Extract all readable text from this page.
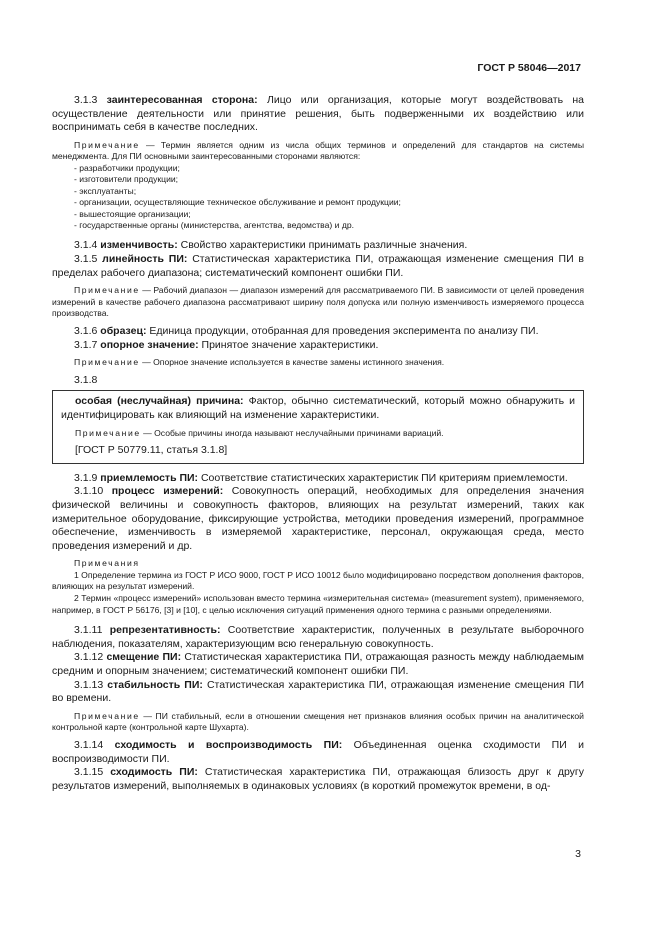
ГОСТ Р 58046—2017

3.1.3 заинтересованная сторона: Лицо или организация, которые могут воздействовать на осуществление деятельности или принятие решения, быть подверженными их воздействию или воспринимать себя в качестве последних.

Примечание — Термин является одним из числа общих терминов и определений для стандартов на системы менеджмента. Для ПИ основными заинтересованными сторонами являются:

- разработчики продукции;
- изготовители продукции;
- эксплуатанты;
- организации, осуществляющие техническое обслуживание и ремонт продукции;
- вышестоящие организации;
- государственные органы (министерства, агентства, ведомства) и др.

3.1.4 изменчивость: Свойство характеристики принимать различные значения.

3.1.5 линейность ПИ: Статистическая характеристика ПИ, отражающая изменение смещения ПИ в пределах рабочего диапазона; систематический компонент ошибки ПИ.

Примечание — Рабочий диапазон — диапазон измерений для рассматриваемого ПИ. В зависимости от целей проведения измерений в качестве рабочего диапазона рассматривают ширину поля допуска или полную изменчивость измеряемого процесса производства.

3.1.6 образец: Единица продукции, отобранная для проведения эксперимента по анализу ПИ.

3.1.7 опорное значение: Принятое значение характеристики.

Примечание — Опорное значение используется в качестве замены истинного значения.

3.1.8

особая (неслучайная) причина: Фактор, обычно систематический, который можно обнаружить и идентифицировать как влияющий на изменение характеристики.

Примечание — Особые причины иногда называют неслучайными причинами вариаций.

[ГОСТ Р 50779.11, статья 3.1.8]

3.1.9 приемлемость ПИ: Соответствие статистических характеристик ПИ критериям приемлемости.

3.1.10 процесс измерений: Совокупность операций, необходимых для определения значения физической величины и совокупность факторов, влияющих на результат измерений, таких как измерительное оборудование, фиксирующие устройства, методики проведения измерений, программное обеспечение, изменчивость в измеряемой характеристике, персонал, окружающая среда, место проведения измерений и др.

Примечания

1 Определение термина из ГОСТ Р ИСО 9000, ГОСТ Р ИСО 10012 было модифицировано посредством дополнения факторов, влияющих на результат измерений.

2 Термин «процесс измерений» использован вместо термина «измерительная система» (measurement system), применяемого, например, в ГОСТ Р 56176, [3] и [10], с целью исключения ситуаций применения одного термина с разными определениями.

3.1.11 репрезентативность: Соответствие характеристик, полученных в результате выборочного наблюдения, показателям, характеризующим всю генеральную совокупность.

3.1.12 смещение ПИ: Статистическая характеристика ПИ, отражающая разность между наблюдаемым средним и опорным значением; систематический компонент ошибки ПИ.

3.1.13 стабильность ПИ: Статистическая характеристика ПИ, отражающая изменение смещения ПИ во времени.

Примечание — ПИ стабильный, если в отношении смещения нет признаков влияния особых причин на аналитической контрольной карте (контрольной карте Шухарта).

3.1.14 сходимость и воспроизводимость ПИ: Объединенная оценка сходимости ПИ и воспроизводимости ПИ.

3.1.15 сходимость ПИ: Статистическая характеристика ПИ, отражающая близость друг к другу результатов измерений, выполняемых в одинаковых условиях (в короткий промежуток времени, в од-

3
